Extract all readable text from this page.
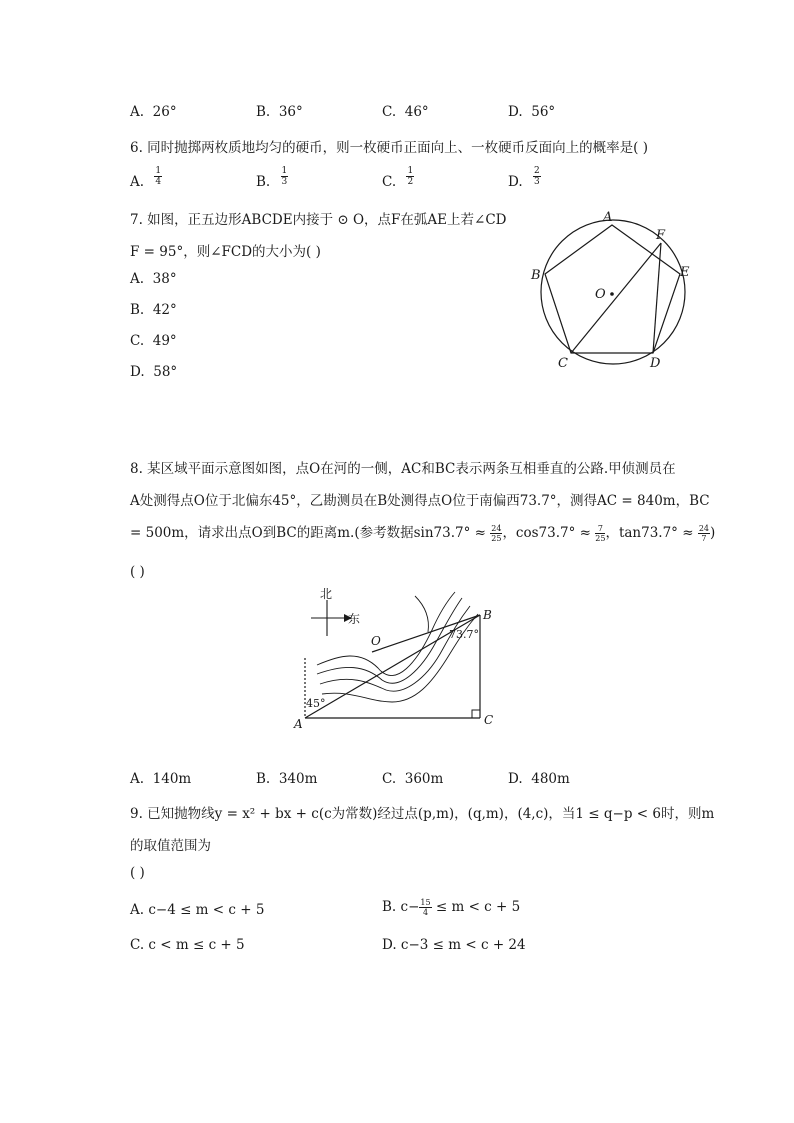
A. 26°	B. 36°	C. 46°	D. 56°
6. 同时抛掷两枚质地均匀的硬币，则一枚硬币正面向上、一枚硬币反面向上的概率是( )
A. $\frac{1}{4}$	B. $\frac{1}{3}$	C. $\frac{1}{2}$	D. $\frac{2}{3}$
7. 如图，正五边形ABCDE内接于 ⊙ O，点F在弧AE上若∠CD
F = 95°，则∠FCD的大小为( )
A. 38°
B. 42°
C. 49°
D. 58°
A
B
C	D
E
F
O
8. 某区域平面示意图如图，点O在河的一侧，AC和BC表示两条互相垂直的公路.甲侦测员在
A处测得点O位于北偏东45°，乙勘测员在B处测得点O位于南偏西73.7°，测得AC = 840m，BC
= 500m，请求出点O到BC的距离m.(参考数据$\sin 73.7^\circ \approx \frac{24}{25}$ ，$\cos 73.7^\circ \approx \frac{7}{25}$ ，$\tan 73.7^\circ \approx \frac{24}{7}$ )
( )
北
东
O
B
A	C
45°
73.7°
A. 140m	B. 340m	C. 360m	D. 480m
9. 已知抛物线y = x² + bx + c(c为常数)经过点(p,m)，(q,m)，(4,c)，当1 ≤ q−p < 6时，则m
的取值范围为
( )
A. c−4 ≤ m < c + 5	B. $c- \frac{15}{4} \le m < c + 5$
C. c < m ≤ c + 5	D. c−3 ≤ m < c + 24
